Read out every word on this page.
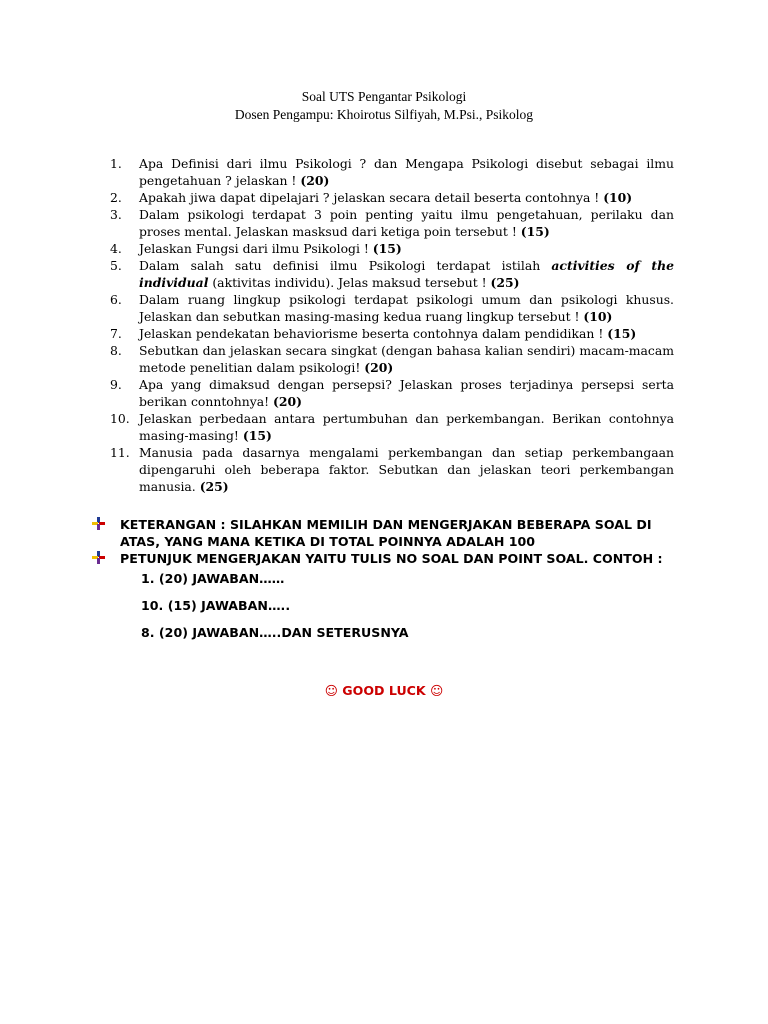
Soal UTS Pengantar Psikologi
Dosen Pengampu: Khoirotus Silfiyah, M.Psi., Psikolog
1.	Apa Definisi dari ilmu Psikologi ? dan Mengapa Psikologi disebut sebagai ilmu pengetahuan ? jelaskan ! (20)
2.	Apakah jiwa dapat dipelajari ? jelaskan secara detail beserta contohnya ! (10)
3.	Dalam psikologi terdapat 3 poin penting yaitu ilmu pengetahuan, perilaku dan proses mental. Jelaskan masksud dari ketiga poin tersebut ! (15)
4.	Jelaskan Fungsi dari ilmu Psikologi ! (15)
5.	Dalam salah satu definisi ilmu Psikologi terdapat istilah activities of the individual (aktivitas individu). Jelas maksud tersebut ! (25)
6.	Dalam ruang lingkup psikologi terdapat psikologi umum dan psikologi khusus. Jelaskan dan sebutkan masing-masing kedua ruang lingkup tersebut ! (10)
7.	Jelaskan pendekatan behaviorisme beserta contohnya dalam pendidikan ! (15)
8.	Sebutkan dan jelaskan secara singkat (dengan bahasa kalian sendiri) macam-macam metode penelitian dalam psikologi! (20)
9.	Apa yang dimaksud dengan persepsi? Jelaskan proses terjadinya persepsi serta berikan conntohnya! (20)
10. Jelaskan perbedaan antara pertumbuhan dan perkembangan. Berikan contohnya masing-masing! (15)
11. Manusia pada dasarnya mengalami perkembangan dan setiap perkembangaan dipengaruhi oleh beberapa faktor. Sebutkan dan jelaskan teori perkembangan manusia. (25)
KETERANGAN : SILAHKAN MEMILIH DAN MENGERJAKAN BEBERAPA SOAL DI ATAS, YANG MANA KETIKA DI TOTAL POINNYA ADALAH 100
PETUNJUK MENGERJAKAN YAITU TULIS NO SOAL DAN POINT SOAL. CONTOH :
1. (20) JAWABAN……
10. (15) JAWABAN…..
8. (20) JAWABAN…..DAN SETERUSNYA
☺ GOOD LUCK ☺
